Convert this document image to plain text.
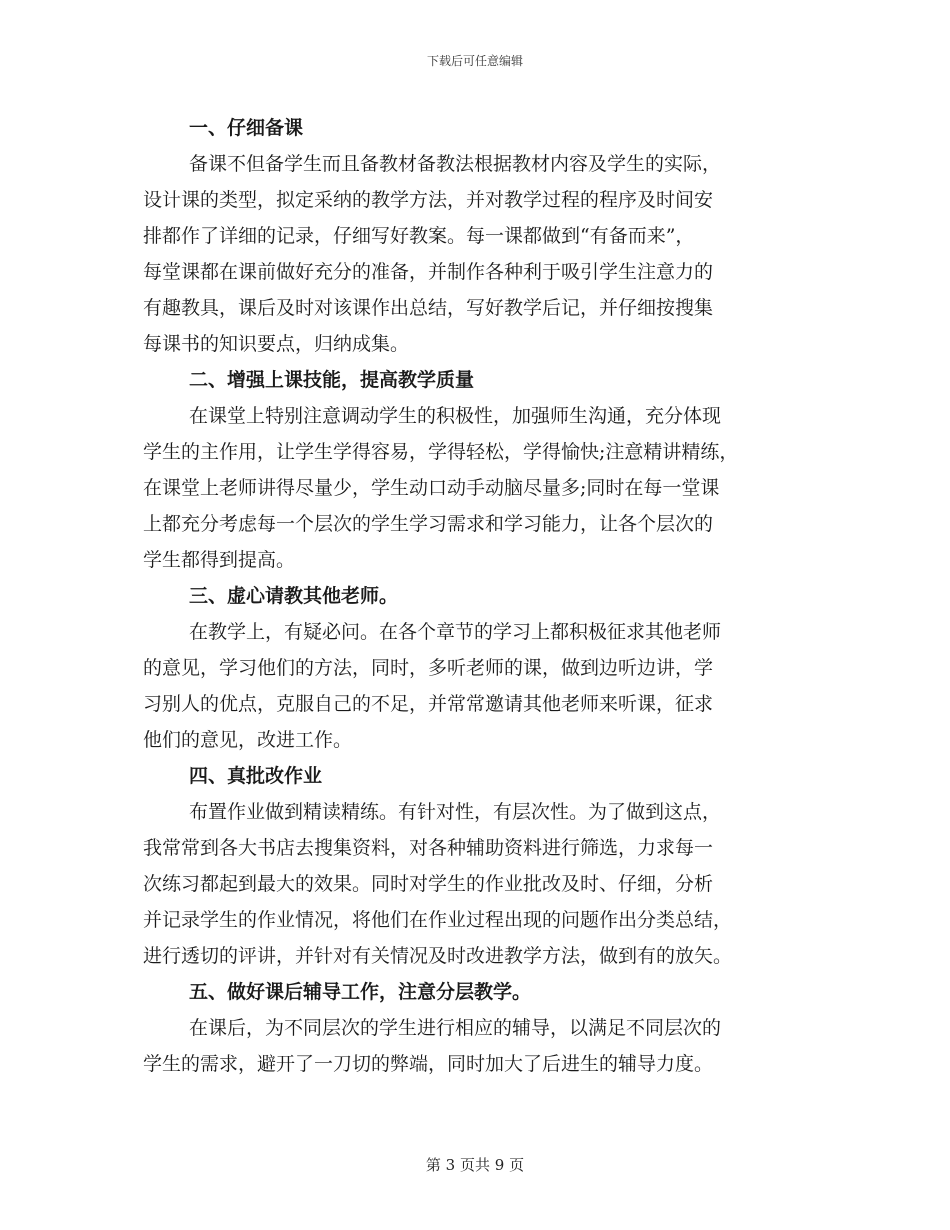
下载后可任意编辑
一、仔细备课

备课不但备学生而且备教材备教法根据教材内容及学生的实际，
设计课的类型，拟定采纳的教学方法，并对教学过程的程序及时间安
排都作了详细的记录，仔细写好教案。每一课都做到“有备而来”，
每堂课都在课前做好充分的准备，并制作各种利于吸引学生注意力的
有趣教具，课后及时对该课作出总结，写好教学后记，并仔细按搜集
每课书的知识要点，归纳成集。

二、增强上课技能，提高教学质量

在课堂上特别注意调动学生的积极性，加强师生沟通，充分体现
学生的主作用，让学生学得容易，学得轻松，学得愉快;注意精讲精练，
在课堂上老师讲得尽量少，学生动口动手动脑尽量多;同时在每一堂课
上都充分考虑每一个层次的学生学习需求和学习能力，让各个层次的
学生都得到提高。

三、虚心请教其他老师。

在教学上，有疑必问。在各个章节的学习上都积极征求其他老师
的意见，学习他们的方法，同时，多听老师的课，做到边听边讲，学
习别人的优点，克服自己的不足，并常常邀请其他老师来听课，征求
他们的意见，改进工作。

四、真批改作业

布置作业做到精读精练。有针对性，有层次性。为了做到这点，
我常常到各大书店去搜集资料，对各种辅助资料进行筛选，力求每一
次练习都起到最大的效果。同时对学生的作业批改及时、仔细，分析
并记录学生的作业情况，将他们在作业过程出现的问题作出分类总结，
进行透切的评讲，并针对有关情况及时改进教学方法，做到有的放矢。

五、做好课后辅导工作，注意分层教学。

在课后，为不同层次的学生进行相应的辅导，以满足不同层次的
学生的需求，避开了一刀切的弊端，同时加大了后进生的辅导力度。

第 3 页共 9 页
